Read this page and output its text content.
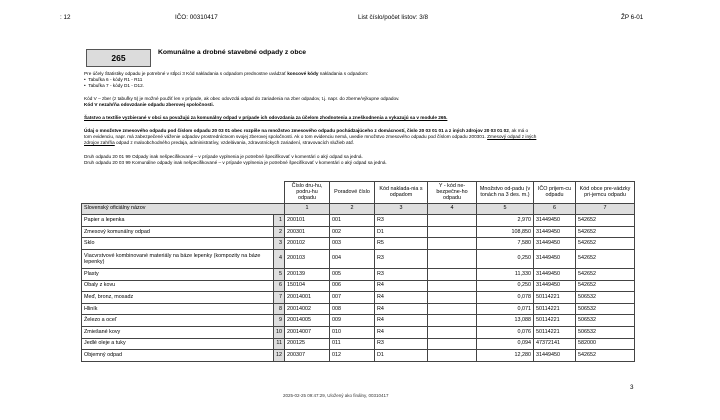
: 12	IČO: 00310417	List číslo/počet listov: 3/8	ŽP 6-01
265
Komunálne a drobné stavebné odpady z obce
Pre účely Štatistiky odpadu je potrebné v stĺpci 3 Kód nakladania s odpadom prednostne uvádzať koncové kódy nakladania s odpadom:
•  Tabuľka 6 - kódy R1 - R11
•  Tabuľka 7 - kódy D1 - D12.
Kód V – zber (z tabuľky 5) je možné použiť len v prípade, ak obec odovzdá odpad do zariadenia na zber odpadov, t.j. napr. do zberne/výkupne odpadov.
Kód V nezahŕňa odovzdanie odpadu zberovej spoločnosti.
Šatstvo a textílie vyzbierané v obci sa považujú za komunálny odpad v prípade ich odovzdania za účelom zhodnotenia a zneškodnenia a vykazujú sa v module 265.
Údaj o množstve zmesového odpadu pod číslom odpadu 20 03 01 obec rozpíše na množstvo zmesového odpadu pochádzajúceho z domácností, číslo 20 03 01 01 a z iných zdrojov 20 03 01 02, ak má o
tom evidenciu, napr. má zabezpečené váženie odpadov prostredníctvom svojej zberovej spoločnosti. Ak o tom evidenciu nemá, uvedie množstvo zmesového odpadu pod číslom odpadu 200301. Zmesový odpad z iných
zdrojov zahŕňa odpad z maloobchodného predaja, administratívy, vzdelávania, zdravotníckych zariadení, stravovacích služieb atď.
Druh odpadu 20 01 99 Odpady inak nešpecifikované – v prípade vyplnenia je potrebné špecifikovať v komentári o aký odpad sa jedná.
Druh odpadu 20 03 99 Komunálne odpady inak nešpecifikované – v prípade vyplnenia je potrebné špecifikovať v komentári o aký odpad sa jedná.
		Číslo dru-hu, podru-hu odpadu	Poradové číslo	Kód naklada-nia s odpadom	Y - kód ne-bezpečne-ho odpadu	Množstvo od-padu (v tonách na 3 des. m.)	IČO prijem-cu odpadu	Kód obce pre-vádzky pri-jemcu odpadu
Slovenský oficiálny názov		1	2	3	4	5	6	7
Papier a lepenka	1	200101	001	R3		2,970	31449450	542652
Zmesový komunálny odpad	2	200301	002	D1		108,850	31449450	542652
Sklo	3	200102	003	R5		7,580	31449450	542652
Viacvrstvové kombinované materiály na báze lepenky (kompozity na báze lepenky)	4	200103	004	R3		0,250	31449450	542652
Plasty	5	200139	005	R3		11,330	31449450	542652
Obaly z kovu	6	150104	006	R4		0,250	31449450	542652
Meď, bronz, mosadz	7	20014001	007	R4		0,078	50114221	506532
Hliník	8	20014002	008	R4		0,071	50114221	506532
Železo a oceľ	9	20014005	009	R4		13,088	50114221	506532
Zmiešané kovy	10	20014007	010	R4		0,076	50114221	506532
Jedlé oleje a tuky	11	200125	011	R3		0,094	47372141	582000
Objemný odpad	12	200307	012	D1		12,280	31449450	542652
3
2025-02-25 09:47:29, Uložený ako finálny, 00310417
